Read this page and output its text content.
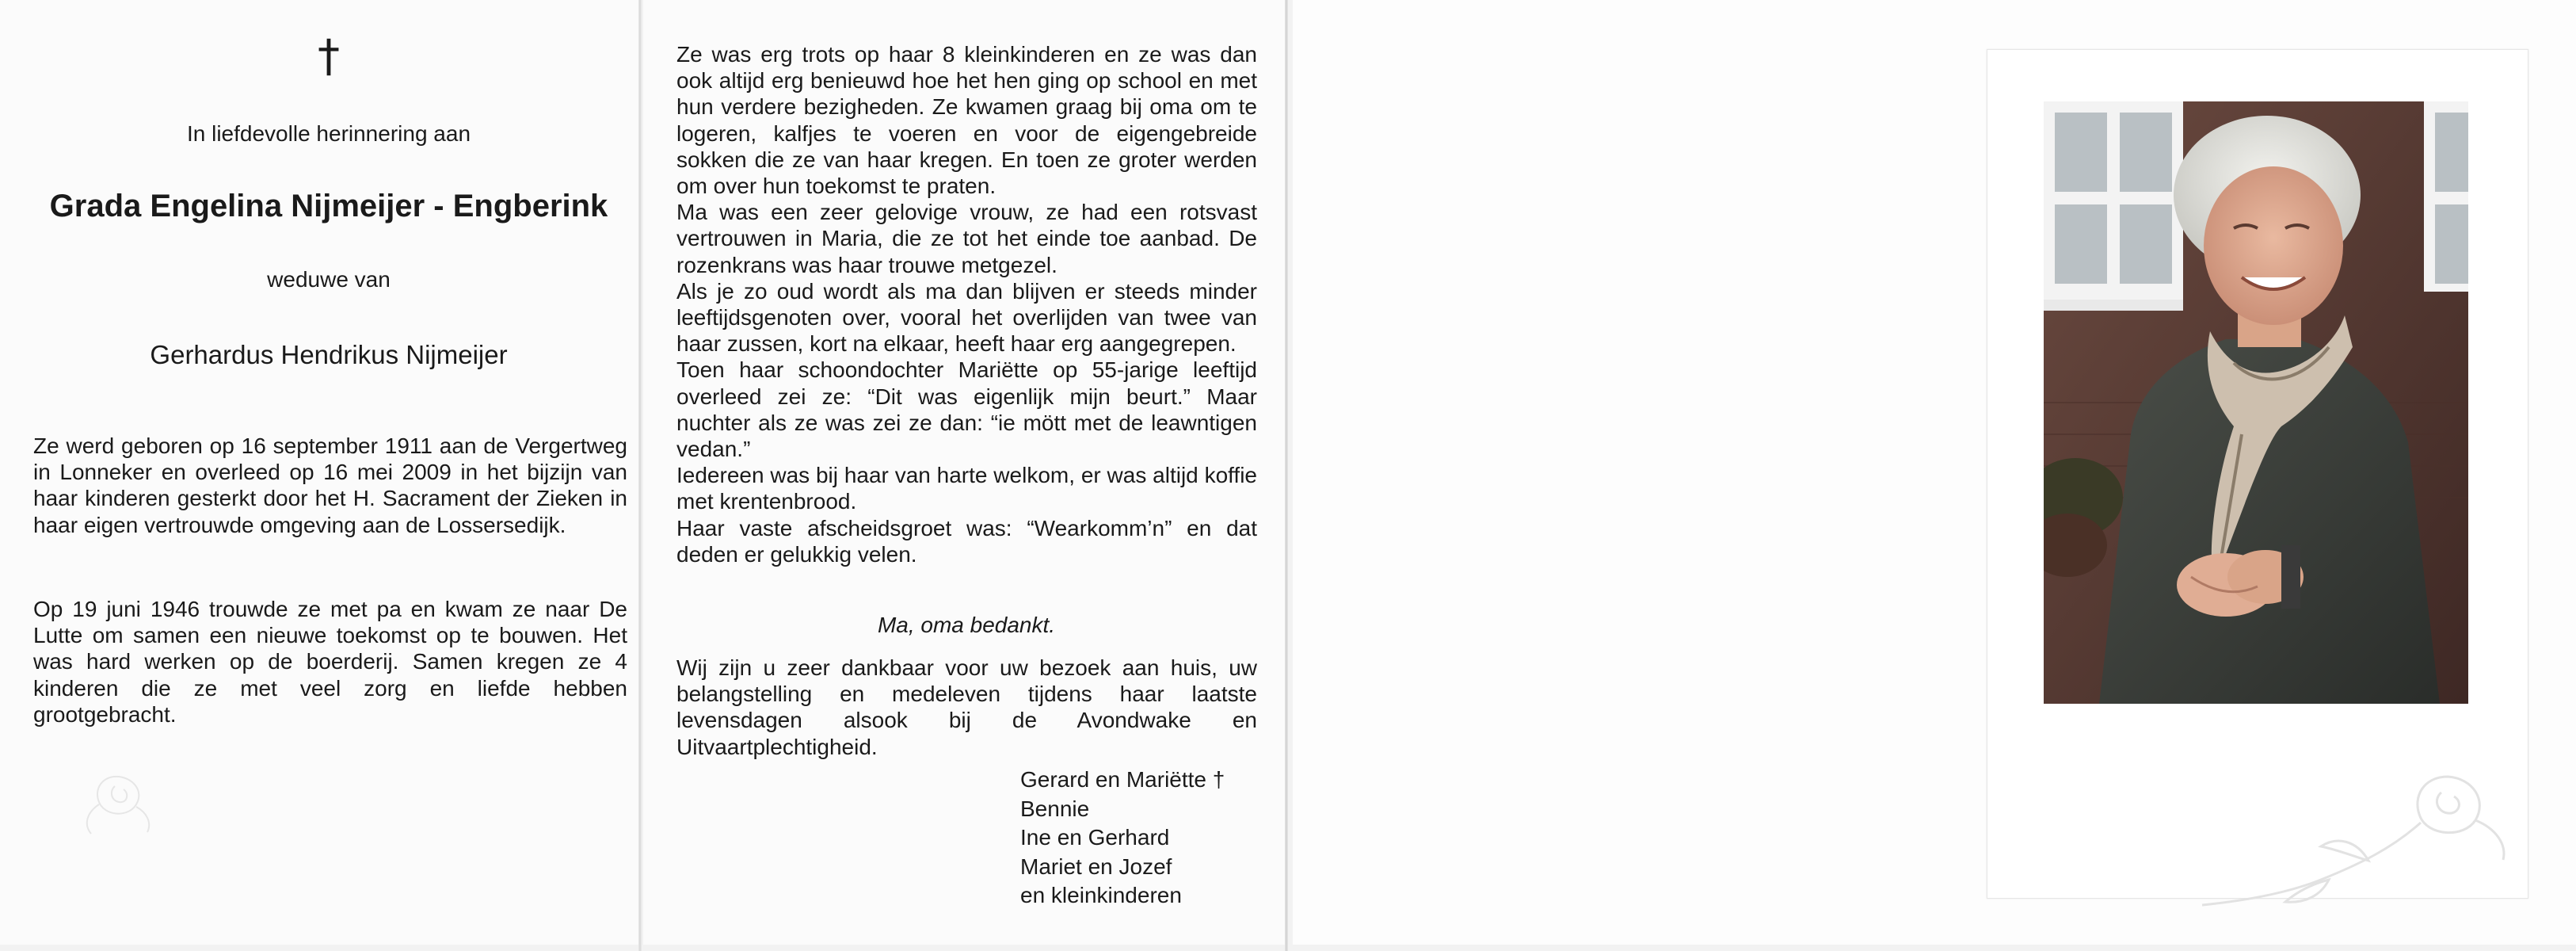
†
In liefdevolle herinnering aan
Grada Engelina Nijmeijer - Engberink
weduwe van
Gerhardus Hendrikus Nijmeijer
Ze werd geboren op 16 september 1911 aan de Vergertweg in Lonneker en overleed op 16 mei 2009 in het bijzijn van haar kinderen gesterkt door het H. Sacrament der Zieken in haar eigen vertrouwde omgeving aan de Lossersedijk.
Op 19 juni 1946 trouwde ze met pa en kwam ze naar De Lutte om samen een nieuwe toekomst op te bouwen. Het was hard werken op de boerderij. Samen kregen ze 4 kinderen die ze met veel zorg en liefde hebben grootgebracht.
Ze was erg trots op haar 8 kleinkinderen en ze was dan ook altijd erg benieuwd hoe het hen ging op school en met hun verdere bezigheden. Ze kwamen graag bij oma om te logeren, kalfjes te voeren en voor de eigengebreide sokken die ze van haar kregen. En toen ze groter werden om over hun toekomst te praten.
Ma was een zeer gelovige vrouw, ze had een rotsvast vertrouwen in Maria, die ze tot het einde toe aanbad. De rozenkrans was haar trouwe metgezel.
Als je zo oud wordt als ma dan blijven er steeds minder leeftijdsgenoten over, vooral het overlijden van twee van haar zussen, kort na elkaar, heeft haar erg aangegrepen.
Toen haar schoondochter Mariëtte op 55-jarige leeftijd overleed zei ze: “Dit was eigenlijk mijn beurt.” Maar nuchter als ze was zei ze dan: “ie mött met de leawntigen vedan.”
Iedereen was bij haar van harte welkom, er was altijd koffie met krentenbrood.
Haar vaste afscheidsgroet was: “Wearkomm’n” en dat deden er gelukkig velen.
Ma, oma bedankt.
Wij zijn u zeer dankbaar voor uw bezoek aan huis, uw belangstelling en medeleven tijdens haar laatste levensdagen alsook bij de Avondwake en Uitvaartplechtigheid.
Gerard en Mariëtte †
Bennie
Ine en Gerhard
Mariet en Jozef
en kleinkinderen
